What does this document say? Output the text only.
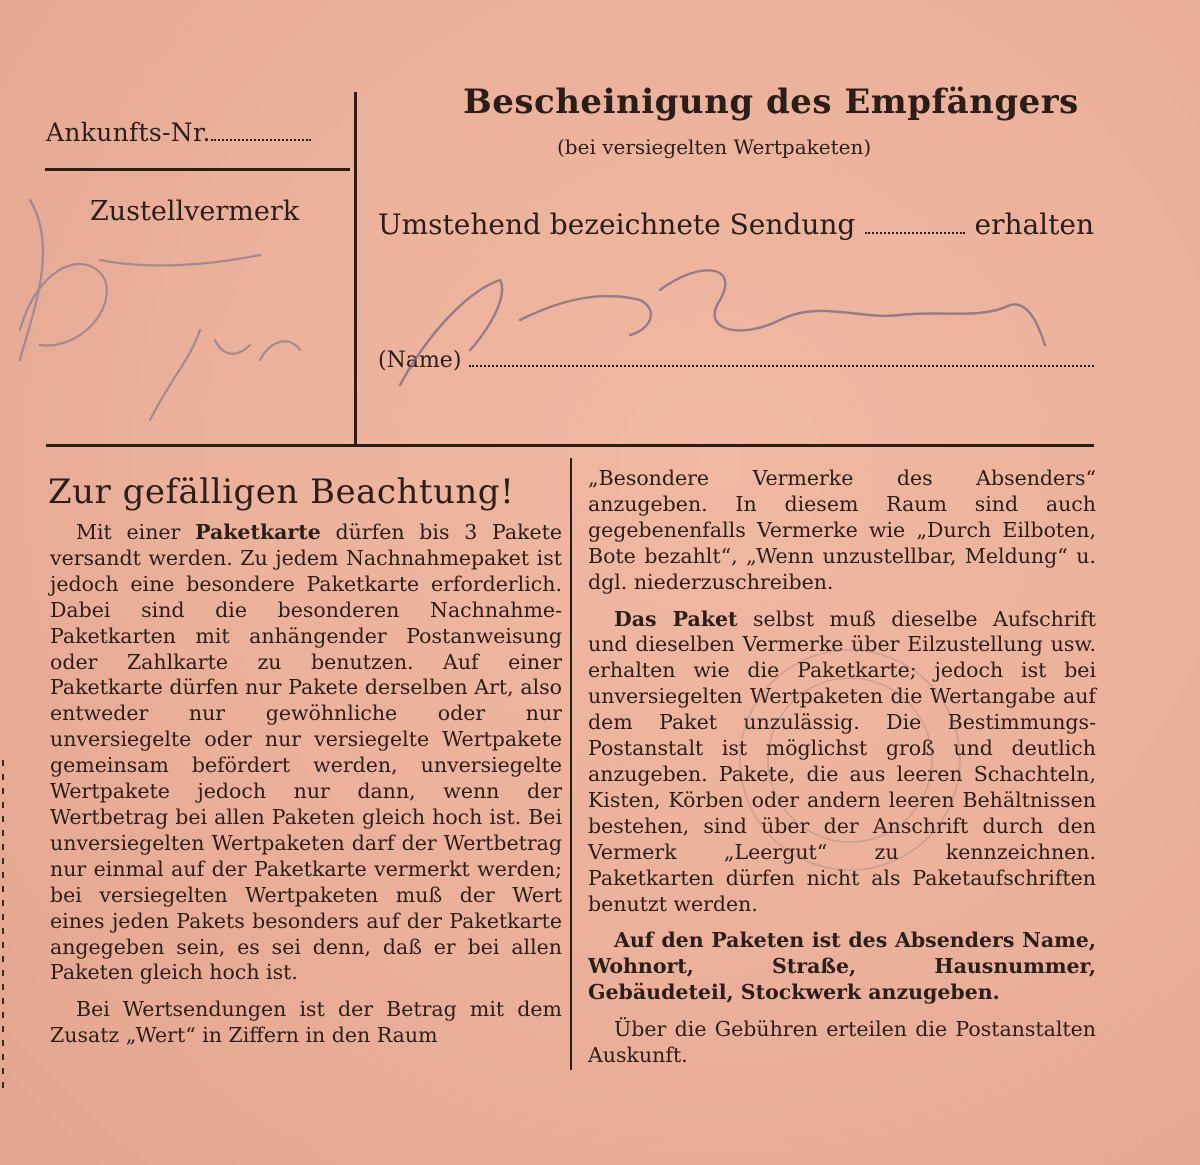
Ankunfts-Nr.
Zustellvermerk
Bescheinigung des Empfängers
(bei versiegelten Wertpaketen)
Umstehend bezeichnete Sendung	erhalten
(Name)
Zur gefälligen Beachtung!

Mit einer Paketkarte dürfen bis 3 Pakete versandt werden. Zu jedem Nachnahmepaket ist jedoch eine besondere Paketkarte erforderlich. Dabei sind die besonderen Nachnahme-Paketkarten mit anhängender Postanweisung oder Zahlkarte zu benutzen. Auf einer Paketkarte dürfen nur Pakete derselben Art, also entweder nur gewöhnliche oder nur unversiegelte oder nur versiegelte Wertpakete gemeinsam befördert werden, unversiegelte Wertpakete jedoch nur dann, wenn der Wertbetrag bei allen Paketen gleich hoch ist. Bei unversiegelten Wertpaketen darf der Wertbetrag nur einmal auf der Paketkarte vermerkt werden; bei versiegelten Wertpaketen muß der Wert eines jeden Pakets besonders auf der Paketkarte angegeben sein, es sei denn, daß er bei allen Paketen gleich hoch ist.

Bei Wertsendungen ist der Betrag mit dem Zusatz „Wert“ in Ziffern in den Raum

„Besondere Vermerke des Absenders“ anzugeben. In diesem Raum sind auch gegebenenfalls Vermerke wie „Durch Eilboten, Bote bezahlt“, „Wenn unzustellbar, Meldung“ u. dgl. niederzuschreiben.

Das Paket selbst muß dieselbe Aufschrift und dieselben Vermerke über Eilzustellung usw. erhalten wie die Paketkarte; jedoch ist bei unversiegelten Wertpaketen die Wertangabe auf dem Paket unzulässig. Die Bestimmungs-Postanstalt ist möglichst groß und deutlich anzugeben. Pakete, die aus leeren Schachteln, Kisten, Körben oder andern leeren Behältnissen bestehen, sind über der Anschrift durch den Vermerk „Leergut“ zu kennzeichnen. Paketkarten dürfen nicht als Paketaufschriften benutzt werden.

Auf den Paketen ist des Absenders Name, Wohnort, Straße, Hausnummer, Gebäudeteil, Stockwerk anzugeben.

Über die Gebühren erteilen die Postanstalten Auskunft.
